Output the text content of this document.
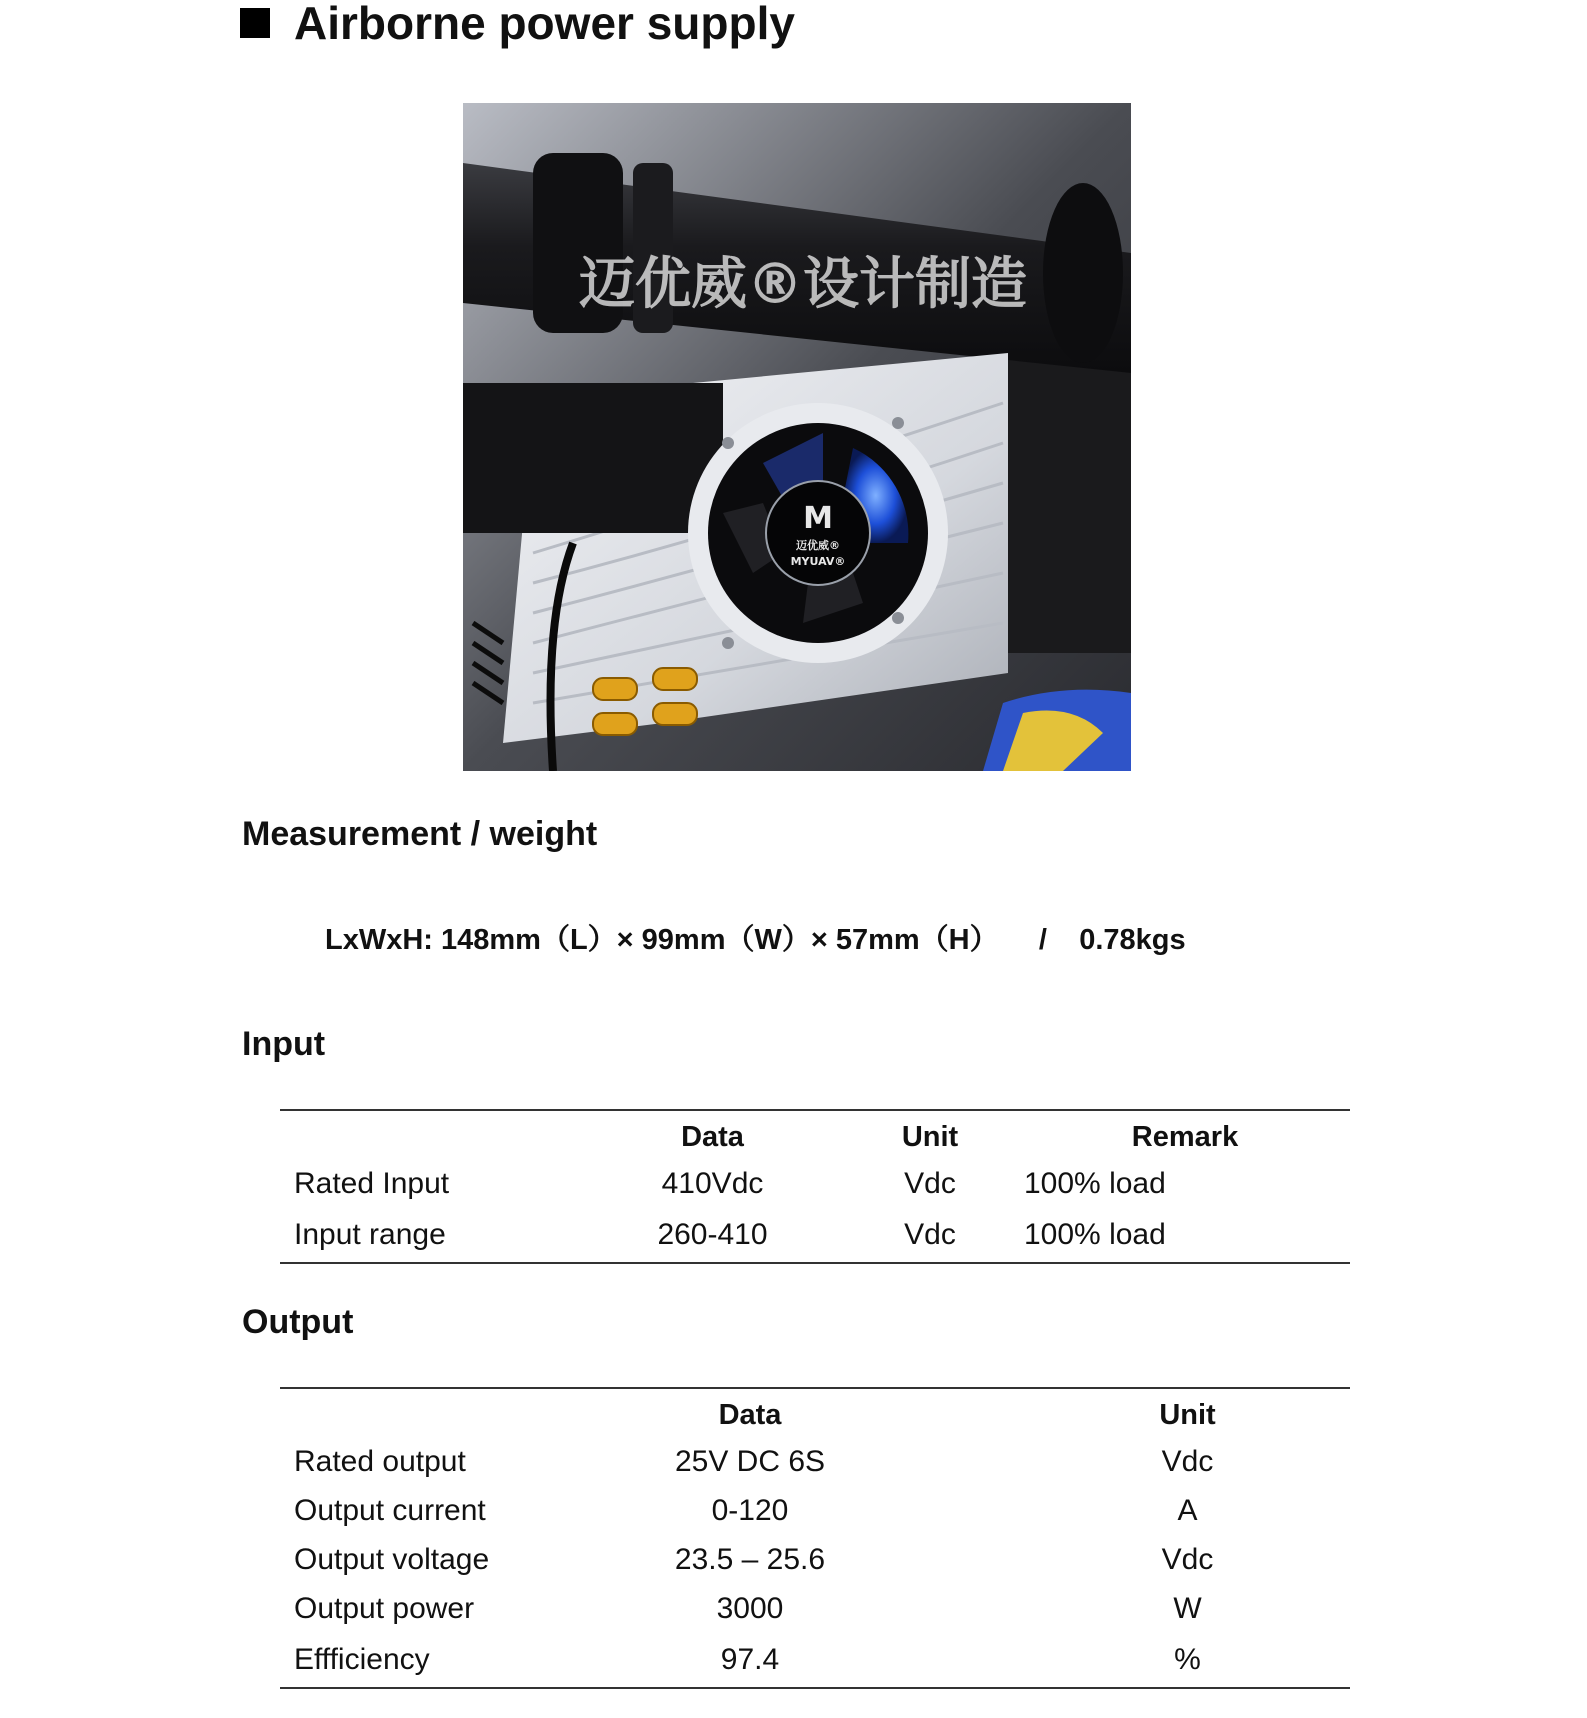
Airborne power supply
迈优威®设计制造
M
迈优威®
MYUAV®
Measurement / weight
LxWxH: 148mm（L）× 99mm（W）× 57mm（H）     /    0.78kgs
Input
	Data	Unit	Remark
Rated Input	410Vdc	Vdc	100% load
Input range	260-410	Vdc	100% load
Output
	Data		Unit
Rated output	25V DC 6S		Vdc
Output current	0-120		A
Output voltage	23.5 – 25.6		Vdc
Output power	3000		W
Effficiency	97.4		%
